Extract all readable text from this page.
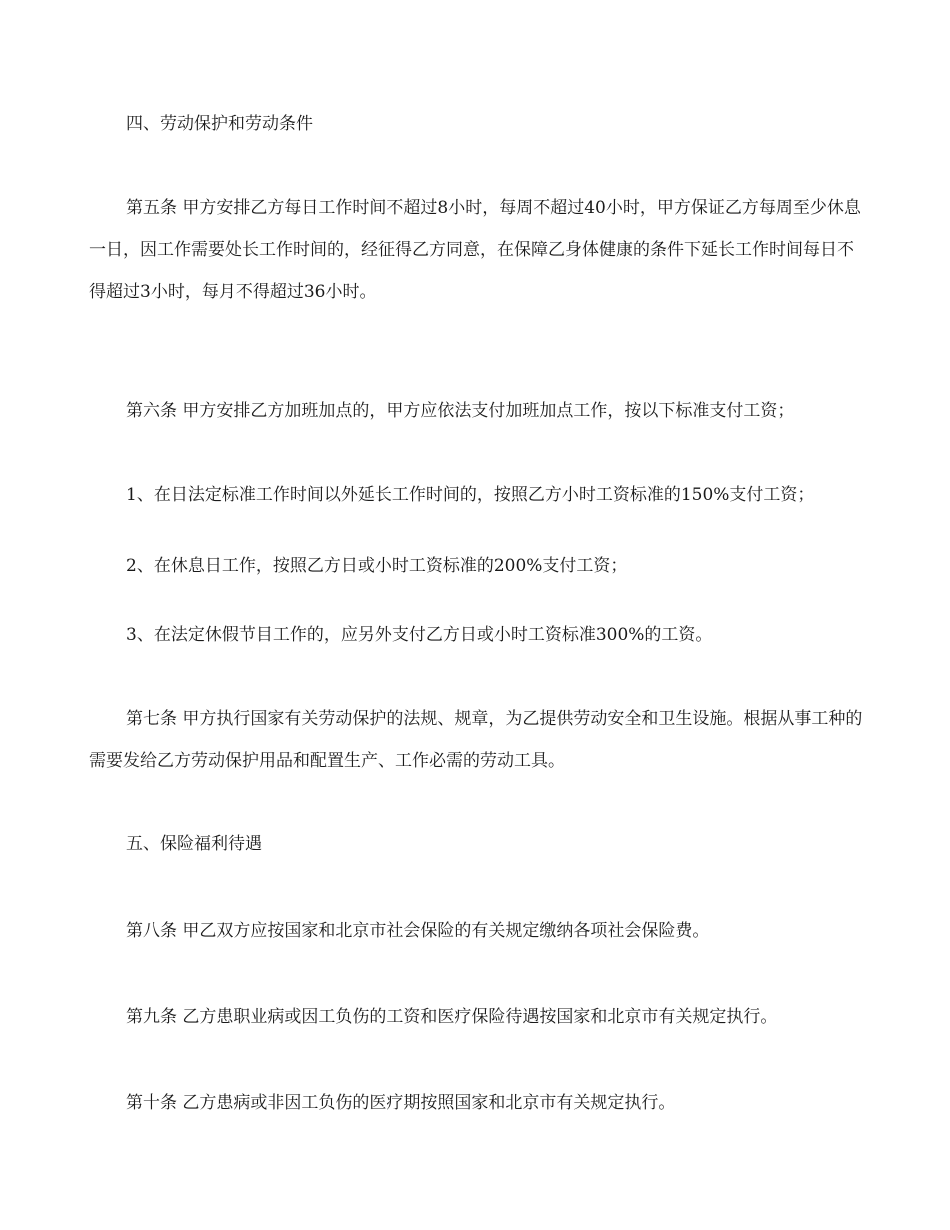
四、劳动保护和劳动条件

第五条 甲方安排乙方每日工作时间不超过8小时，每周不超过40小时，甲方保证乙方每周至少休息一日，因工作需要处长工作时间的，经征得乙方同意，在保障乙身体健康的条件下延长工作时间每日不得超过3小时，每月不得超过36小时。

第六条 甲方安排乙方加班加点的，甲方应依法支付加班加点工作，按以下标准支付工资；

1、在日法定标准工作时间以外延长工作时间的，按照乙方小时工资标准的150%支付工资；

2、在休息日工作，按照乙方日或小时工资标准的200%支付工资；

3、在法定休假节目工作的，应另外支付乙方日或小时工资标准300%的工资。

第七条 甲方执行国家有关劳动保护的法规、规章，为乙提供劳动安全和卫生设施。根据从事工种的需要发给乙方劳动保护用品和配置生产、工作必需的劳动工具。

五、保险福利待遇

第八条 甲乙双方应按国家和北京市社会保险的有关规定缴纳各项社会保险费。

第九条 乙方患职业病或因工负伤的工资和医疗保险待遇按国家和北京市有关规定执行。

第十条 乙方患病或非因工负伤的医疗期按照国家和北京市有关规定执行。
